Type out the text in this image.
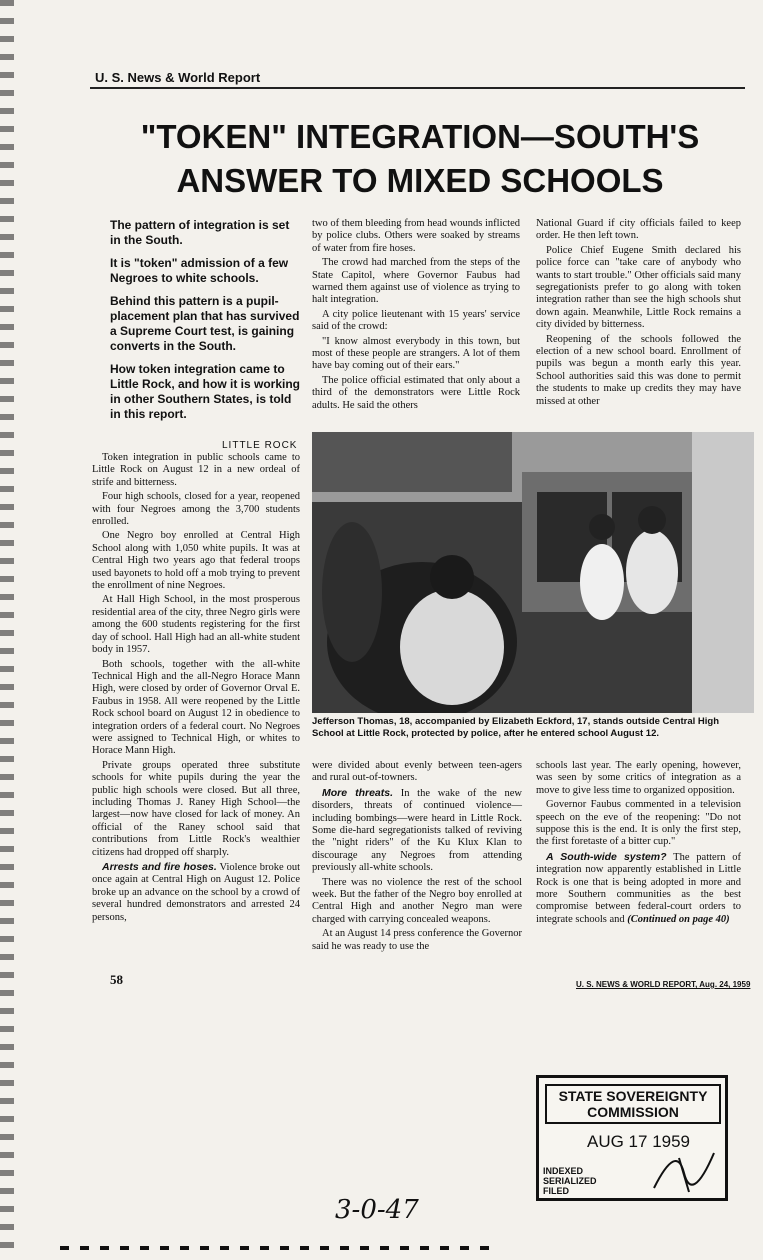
U. S. News & World Report
"TOKEN" INTEGRATION—SOUTH'S
ANSWER TO MIXED SCHOOLS

The pattern of integration is set in the South.

It is "token" admission of a few Negroes to white schools.

Behind this pattern is a pupil-placement plan that has survived a Supreme Court test, is gaining converts in the South.

How token integration came to Little Rock, and how it is working in other Southern States, is told in this report.

LITTLE ROCK

Token integration in public schools came to Little Rock on August 12 in a new ordeal of strife and bitterness.

Four high schools, closed for a year, reopened with four Negroes among the 3,700 students enrolled.

One Negro boy enrolled at Central High School along with 1,050 white pupils. It was at Central High two years ago that federal troops used bayonets to hold off a mob trying to prevent the enrollment of nine Negroes.

At Hall High School, in the most prosperous residential area of the city, three Negro girls were among the 600 students registering for the first day of school. Hall High had an all-white student body in 1957.

Both schools, together with the all-white Technical High and the all-Negro Horace Mann High, were closed by order of Governor Orval E. Faubus in 1958. All were reopened by the Little Rock school board on August 12 in obedience to integration orders of a federal court. No Negroes were assigned to Technical High, or whites to Horace Mann High.

Private groups operated three substitute schools for white pupils during the year the public high schools were closed. But all three, including Thomas J. Raney High School—the largest—now have closed for lack of money. An official of the Raney school said that contributions from Little Rock's wealthier citizens had dropped off sharply.

Arrests and fire hoses. Violence broke out once again at Central High on August 12. Police broke up an advance on the school by a crowd of several hundred demonstrators and arrested 24 persons,

two of them bleeding from head wounds inflicted by police clubs. Others were soaked by streams of water from fire hoses.

The crowd had marched from the steps of the State Capitol, where Governor Faubus had warned them against use of violence as trying to halt integration.

A city police lieutenant with 15 years' service said of the crowd:

"I know almost everybody in this town, but most of these people are strangers. A lot of them have bay coming out of their ears."

The police official estimated that only about a third of the demonstrators were Little Rock adults. He said the others

National Guard if city officials failed to keep order. He then left town.

Police Chief Eugene Smith declared his police force can "take care of anybody who wants to start trouble." Other officials said many segregationists prefer to go along with token integration rather than see the high schools shut down again. Meanwhile, Little Rock remains a city divided by bitterness.

Reopening of the schools followed the election of a new school board. Enrollment of pupils was begun a month early this year. School authorities said this was done to permit the students to make up credits they may have missed at other

Jefferson Thomas, 18, accompanied by Elizabeth Eckford, 17, stands outside Central High School at Little Rock, protected by police, after he entered school August 12.

were divided about evenly between teen-agers and rural out-of-towners.

More threats. In the wake of the new disorders, threats of continued violence—including bombings—were heard in Little Rock. Some die-hard segregationists talked of reviving the "night riders" of the Ku Klux Klan to discourage any Negroes from attending previously all-white schools.

There was no violence the rest of the school week. But the father of the Negro boy enrolled at Central High and another Negro man were charged with carrying concealed weapons.

At an August 14 press conference the Governor said he was ready to use the

schools last year. The early opening, however, was seen by some critics of integration as a move to give less time to organized opposition.

Governor Faubus commented in a television speech on the eve of the reopening: "Do not suppose this is the end. It is only the first step, the first foretaste of a bitter cup."

A South-wide system? The pattern of integration now apparently established in Little Rock is one that is being adopted in more and more Southern communities as the best compromise between federal-court orders to integrate schools and (Continued on page 40)

58	U. S. NEWS & WORLD REPORT, Aug. 24, 1959
STATE SOVEREIGNTY COMMISSION
AUG 17 1959
INDEXED
SERIALIZED
FILED
3-0-47
